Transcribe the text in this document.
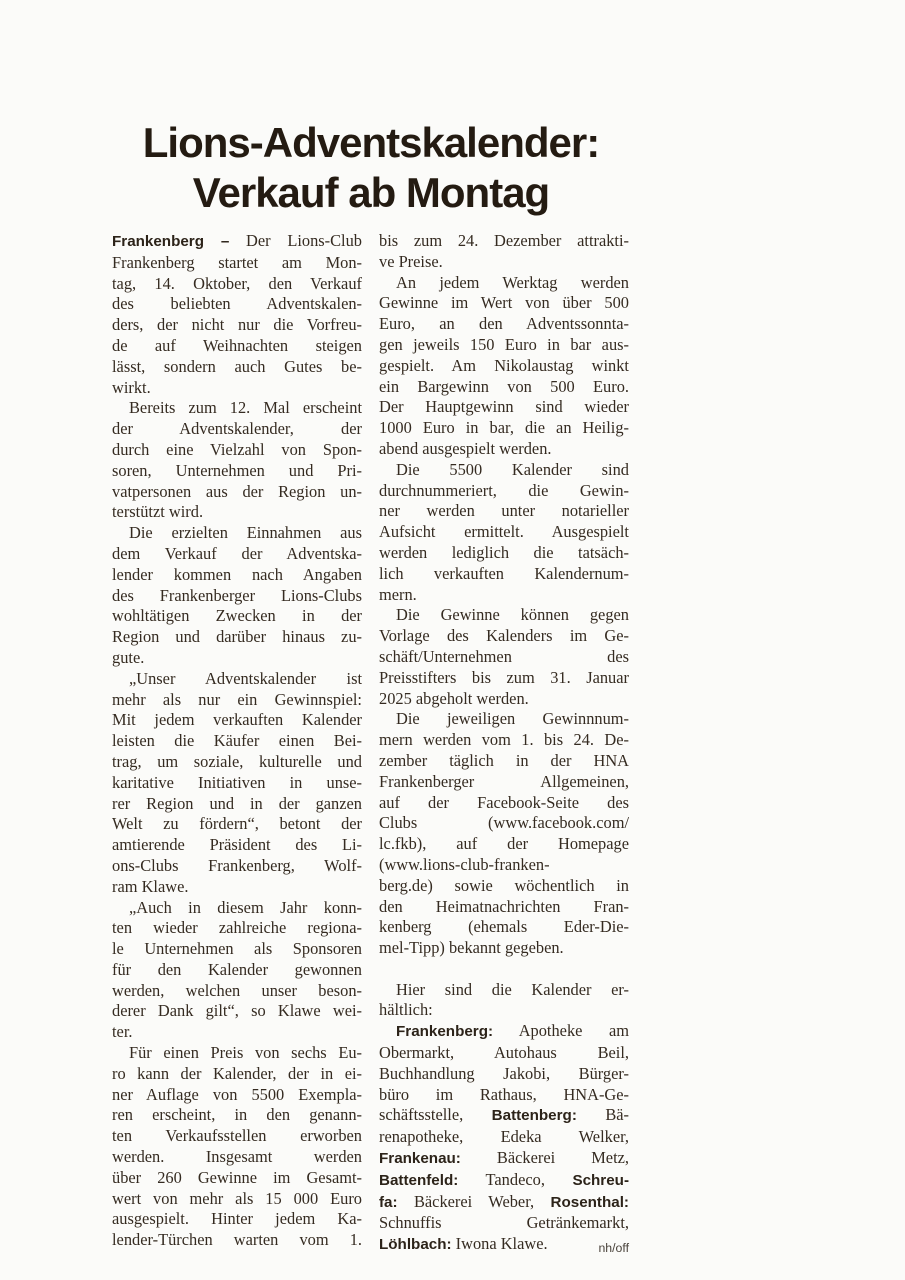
Lions-Adventskalender:
Verkauf ab Montag
Frankenberg – Der Lions-Club
Frankenberg startet am Mon-
tag, 14. Oktober, den Verkauf
des beliebten Adventskalen-
ders, der nicht nur die Vorfreu-
de auf Weihnachten steigen
lässt, sondern auch Gutes be-
wirkt.
Bereits zum 12. Mal erscheint
der Adventskalender, der
durch eine Vielzahl von Spon-
soren, Unternehmen und Pri-
vatpersonen aus der Region un-
terstützt wird.
Die erzielten Einnahmen aus
dem Verkauf der Adventska-
lender kommen nach Angaben
des Frankenberger Lions-Clubs
wohltätigen Zwecken in der
Region und darüber hinaus zu-
gute.
„Unser Adventskalender ist
mehr als nur ein Gewinnspiel:
Mit jedem verkauften Kalender
leisten die Käufer einen Bei-
trag, um soziale, kulturelle und
karitative Initiativen in unse-
rer Region und in der ganzen
Welt zu fördern“, betont der
amtierende Präsident des Li-
ons-Clubs Frankenberg, Wolf-
ram Klawe.
„Auch in diesem Jahr konn-
ten wieder zahlreiche regiona-
le Unternehmen als Sponsoren
für den Kalender gewonnen
werden, welchen unser beson-
derer Dank gilt“, so Klawe wei-
ter.
Für einen Preis von sechs Eu-
ro kann der Kalender, der in ei-
ner Auflage von 5500 Exempla-
ren erscheint, in den genann-
ten Verkaufsstellen erworben
werden. Insgesamt werden
über 260 Gewinne im Gesamt-
wert von mehr als 15 000 Euro
ausgespielt. Hinter jedem Ka-
lender-Türchen warten vom 1.
bis zum 24. Dezember attrakti-
ve Preise.
An jedem Werktag werden
Gewinne im Wert von über 500
Euro, an den Adventssonnta-
gen jeweils 150 Euro in bar aus-
gespielt. Am Nikolaustag winkt
ein Bargewinn von 500 Euro.
Der Hauptgewinn sind wieder
1000 Euro in bar, die an Heilig-
abend ausgespielt werden.
Die 5500 Kalender sind
durchnummeriert, die Gewin-
ner werden unter notarieller
Aufsicht ermittelt. Ausgespielt
werden lediglich die tatsäch-
lich verkauften Kalendernum-
mern.
Die Gewinne können gegen
Vorlage des Kalenders im Ge-
schäft/Unternehmen des
Preisstifters bis zum 31. Januar
2025 abgeholt werden.
Die jeweiligen Gewinnnum-
mern werden vom 1. bis 24. De-
zember täglich in der HNA
Frankenberger Allgemeinen,
auf der Facebook-Seite des
Clubs (www.facebook.com/
lc.fkb), auf der Homepage
(www.lions-club-franken-
berg.de) sowie wöchentlich in
den Heimatnachrichten Fran-
kenberg (ehemals Eder-Die-
mel-Tipp) bekannt gegeben.
Hier sind die Kalender er-
hältlich:
Frankenberg: Apotheke am
Obermarkt, Autohaus Beil,
Buchhandlung Jakobi, Bürger-
büro im Rathaus, HNA-Ge-
schäftsstelle, Battenberg: Bä-
renapotheke, Edeka Welker,
Frankenau: Bäckerei Metz,
Battenfeld: Tandeco, Schreu-
fa: Bäckerei Weber, Rosenthal:
Schnuffis Getränkemarkt,
nh/off
Löhlbach: Iwona Klawe.
